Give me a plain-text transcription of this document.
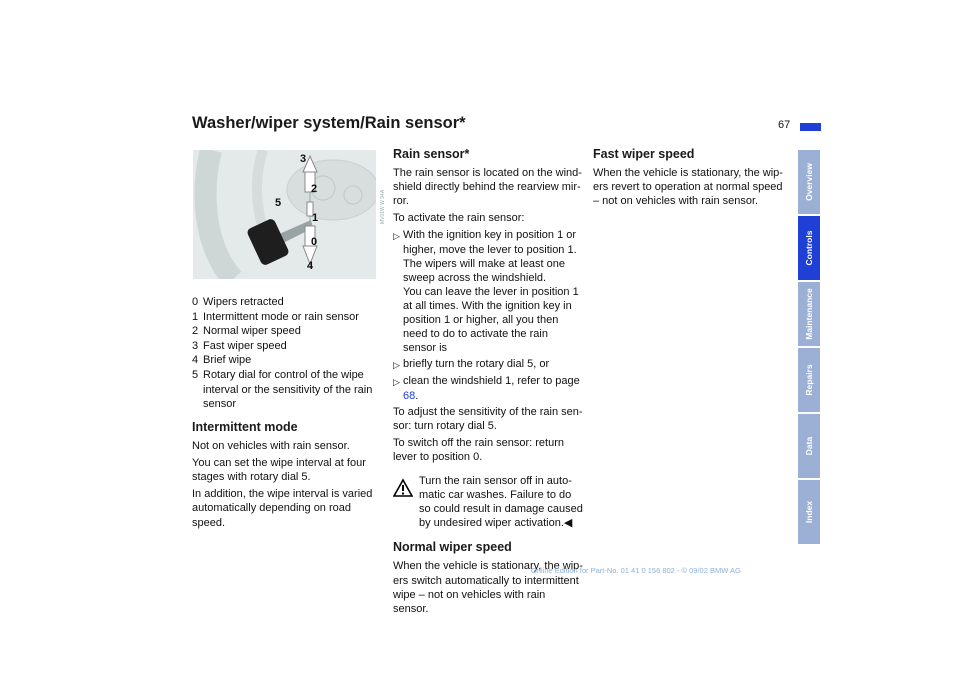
Washer/wiper system/Rain sensor*	67
3
2
1
0
4
5	MV01W W 94A
0 Wipers retracted
1 Intermittent mode or rain sensor
2 Normal wiper speed
3 Fast wiper speed
4 Brief wipe
5 Rotary dial for control of the wipe interval or the sensitivity of the rain sensor
Intermittent mode

Not on vehicles with rain sensor.

You can set the wipe interval at four stages with rotary dial 5.

In addition, the wipe interval is varied automatically depending on road speed.

Rain sensor*

The rain sensor is located on the wind-shield directly behind the rearview mir-ror.

To activate the rain sensor:

▷ With the ignition key in position 1 or higher, move the lever to position 1. The wipers will make at least one sweep across the windshield.
You can leave the lever in position 1 at all times. With the ignition key in position 1 or higher, all you then need to do to activate the rain sensor is
▷ briefly turn the rotary dial 5, or
▷ clean the windshield 1, refer to page 68.

To adjust the sensitivity of the rain sen-sor: turn rotary dial 5.

To switch off the rain sensor: return lever to position 0.

Turn the rain sensor off in auto-matic car washes. Failure to do so could result in damage caused by undesired wiper activation.◀
Normal wiper speed

When the vehicle is stationary, the wip-ers switch automatically to intermittent wipe – not on vehicles with rain sensor.

Fast wiper speed

When the vehicle is stationary, the wip-ers revert to operation at normal speed – not on vehicles with rain sensor.

Overview
Controls
Maintenance
Repairs
Data
Index
Online Edition for Part-No. 01 41 0 156 802 - © 09/02 BMW AG
